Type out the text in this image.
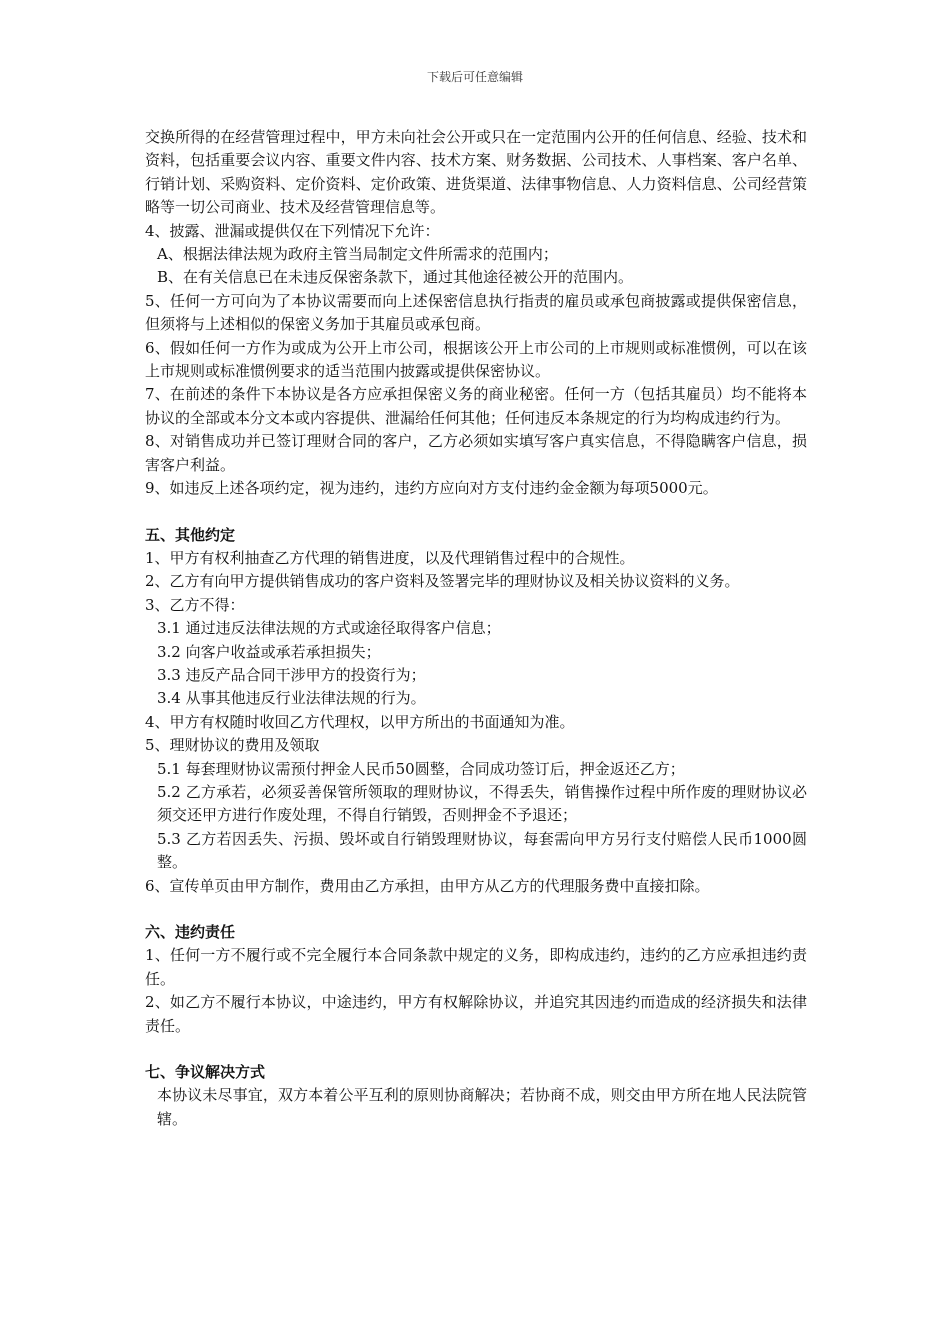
下载后可任意编辑

交换所得的在经营管理过程中，甲方未向社会公开或只在一定范围内公开的任何信息、经验、技术和资料，包括重要会议内容、重要文件内容、技术方案、财务数据、公司技术、人事档案、客户名单、行销计划、采购资料、定价资料、定价政策、进货渠道、法律事物信息、人力资料信息、公司经营策略等一切公司商业、技术及经营管理信息等。

4、披露、泄漏或提供仅在下列情况下允许：

A、根据法律法规为政府主管当局制定文件所需求的范围内；

B、在有关信息已在未违反保密条款下，通过其他途径被公开的范围内。

5、任何一方可向为了本协议需要而向上述保密信息执行指责的雇员或承包商披露或提供保密信息，但须将与上述相似的保密义务加于其雇员或承包商。

6、假如任何一方作为或成为公开上市公司，根据该公开上市公司的上市规则或标准惯例，可以在该上市规则或标准惯例要求的适当范围内披露或提供保密协议。

7、在前述的条件下本协议是各方应承担保密义务的商业秘密。任何一方（包括其雇员）均不能将本协议的全部或本分文本或内容提供、泄漏给任何其他；任何违反本条规定的行为均构成违约行为。

8、对销售成功并已签订理财合同的客户，乙方必须如实填写客户真实信息，不得隐瞒客户信息，损害客户利益。

9、如违反上述各项约定，视为违约，违约方应向对方支付违约金金额为每项5000元。

五、其他约定

1、甲方有权利抽查乙方代理的销售进度，以及代理销售过程中的合规性。

2、乙方有向甲方提供销售成功的客户资料及签署完毕的理财协议及相关协议资料的义务。

3、乙方不得：

3.1 通过违反法律法规的方式或途径取得客户信息；

3.2 向客户收益或承若承担损失；

3.3 违反产品合同干涉甲方的投资行为；

3.4 从事其他违反行业法律法规的行为。

4、甲方有权随时收回乙方代理权，以甲方所出的书面通知为准。

5、理财协议的费用及领取

5.1 每套理财协议需预付押金人民币50圆整，合同成功签订后，押金返还乙方；

5.2 乙方承若，必须妥善保管所领取的理财协议，不得丢失，销售操作过程中所作废的理财协议必须交还甲方进行作废处理，不得自行销毁，否则押金不予退还；

5.3 乙方若因丢失、污损、毁坏或自行销毁理财协议，每套需向甲方另行支付赔偿人民币1000圆整。

6、宣传单页由甲方制作，费用由乙方承担，由甲方从乙方的代理服务费中直接扣除。

六、违约责任

1、任何一方不履行或不完全履行本合同条款中规定的义务，即构成违约，违约的乙方应承担违约责任。

2、如乙方不履行本协议，中途违约，甲方有权解除协议，并追究其因违约而造成的经济损失和法律责任。

七、争议解决方式

本协议未尽事宜，双方本着公平互利的原则协商解决；若协商不成，则交由甲方所在地人民法院管辖。
